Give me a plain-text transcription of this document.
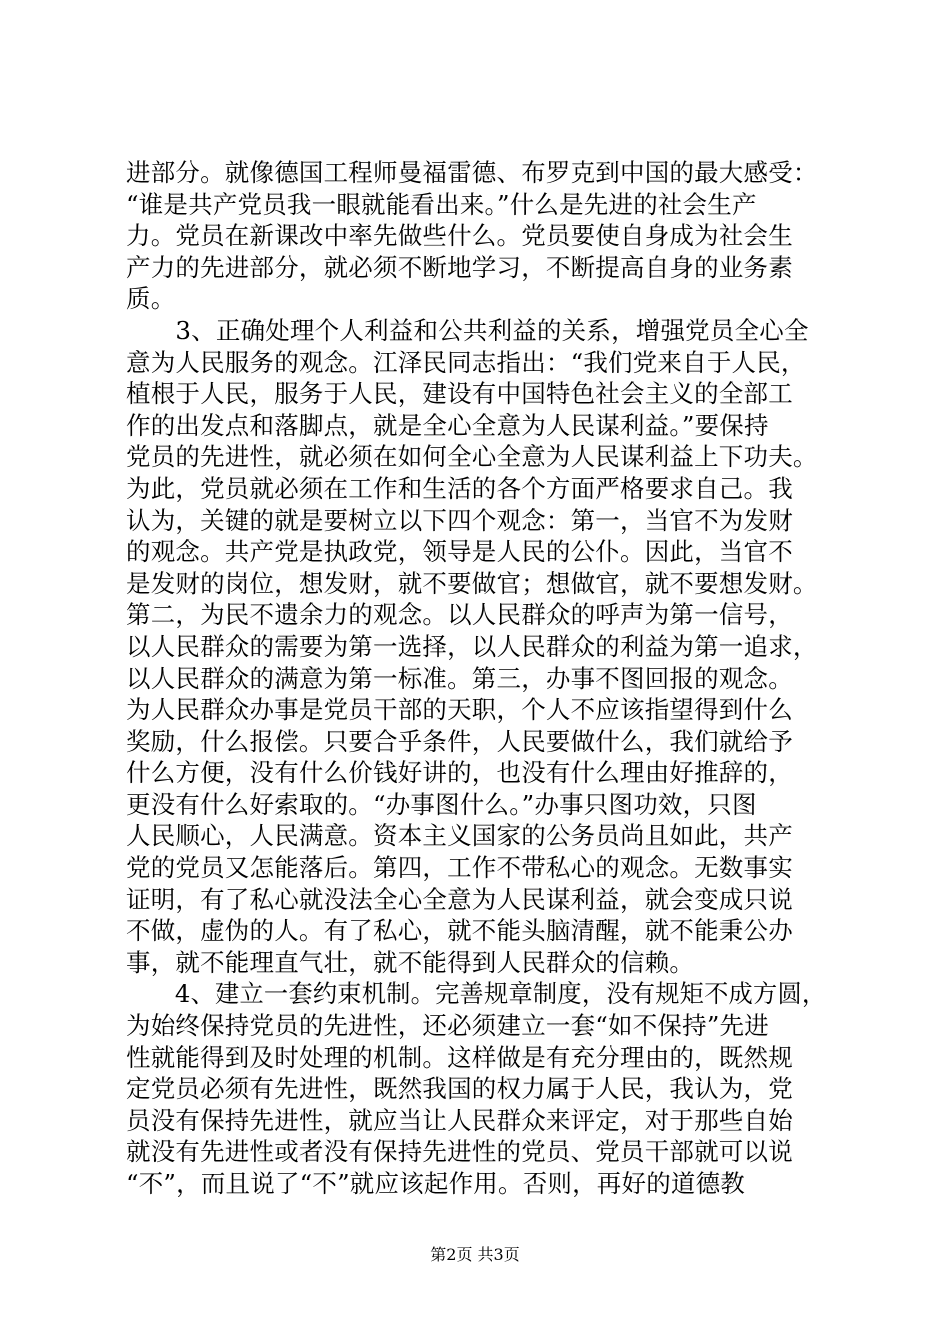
进部分。就像德国工程师曼福雷德、布罗克到中国的最大感受：
“谁是共产党员我一眼就能看出来。”什么是先进的社会生产
力。党员在新课改中率先做些什么。党员要使自身成为社会生
产力的先进部分，就必须不断地学习，不断提高自身的业务素
质。
　　3、正确处理个人利益和公共利益的关系，增强党员全心全
意为人民服务的观念。江泽民同志指出：“我们党来自于人民，
植根于人民，服务于人民，建设有中国特色社会主义的全部工
作的出发点和落脚点，就是全心全意为人民谋利益。”要保持
党员的先进性，就必须在如何全心全意为人民谋利益上下功夫。
为此，党员就必须在工作和生活的各个方面严格要求自己。我
认为，关键的就是要树立以下四个观念：第一，当官不为发财
的观念。共产党是执政党，领导是人民的公仆。因此，当官不
是发财的岗位，想发财，就不要做官；想做官，就不要想发财。
第二，为民不遗余力的观念。以人民群众的呼声为第一信号，
以人民群众的需要为第一选择，以人民群众的利益为第一追求，
以人民群众的满意为第一标准。第三，办事不图回报的观念。
为人民群众办事是党员干部的天职，个人不应该指望得到什么
奖励，什么报偿。只要合乎条件，人民要做什么，我们就给予
什么方便，没有什么价钱好讲的，也没有什么理由好推辞的，
更没有什么好索取的。“办事图什么。”办事只图功效，只图
人民顺心，人民满意。资本主义国家的公务员尚且如此，共产
党的党员又怎能落后。第四，工作不带私心的观念。无数事实
证明，有了私心就没法全心全意为人民谋利益，就会变成只说
不做，虚伪的人。有了私心，就不能头脑清醒，就不能秉公办
事，就不能理直气壮，就不能得到人民群众的信赖。
　　4、建立一套约束机制。完善规章制度，没有规矩不成方圆，
为始终保持党员的先进性，还必须建立一套“如不保持”先进
性就能得到及时处理的机制。这样做是有充分理由的，既然规
定党员必须有先进性，既然我国的权力属于人民，我认为，党
员没有保持先进性，就应当让人民群众来评定，对于那些自始
就没有先进性或者没有保持先进性的党员、党员干部就可以说
“不”，而且说了“不”就应该起作用。否则，再好的道德教
第2页 共3页
